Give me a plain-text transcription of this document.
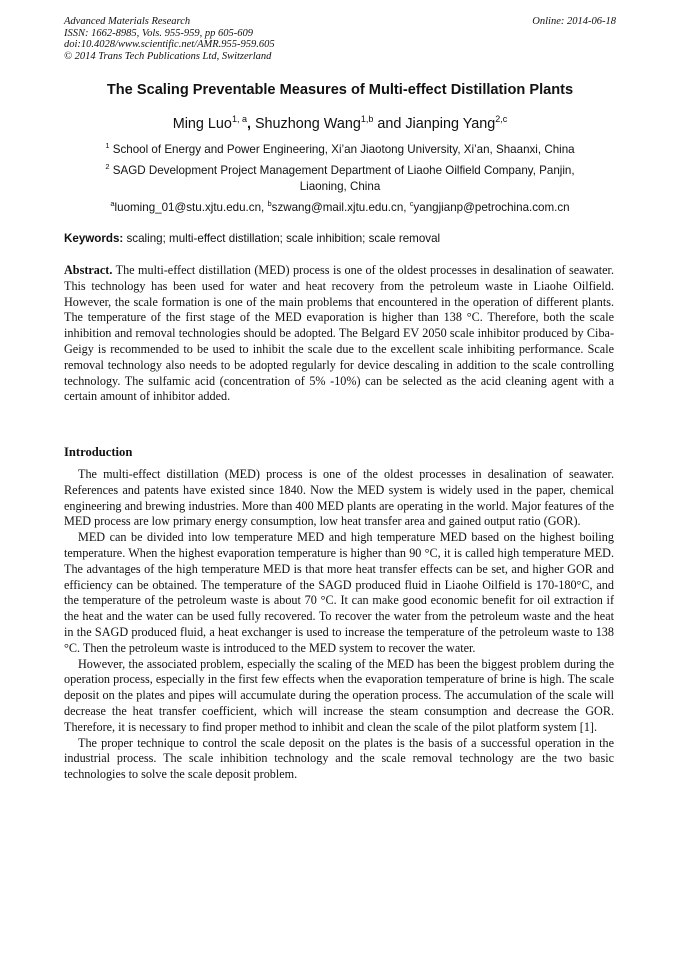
Advanced Materials Research
ISSN: 1662-8985, Vols. 955-959, pp 605-609
doi:10.4028/www.scientific.net/AMR.955-959.605
© 2014 Trans Tech Publications Ltd, Switzerland
Online: 2014-06-18
The Scaling Preventable Measures of Multi-effect Distillation Plants
Ming Luo$^{1, a}$, Shuzhong Wang$^{1,b}$ and Jianping Yang$^{2,c}$
$^1$ School of Energy and Power Engineering, Xi’an Jiaotong University, Xi’an, Shaanxi, China
$^2$ SAGD Development Project Management Department of Liaohe Oilfield Company, Panjin, Liaoning, China
$^a$luoming_01@stu.xjtu.edu.cn, $^b$szwang@mail.xjtu.edu.cn, $^c$yangjianp@petrochina.com.cn
Keywords: scaling; multi-effect distillation; scale inhibition; scale removal

Abstract. The multi-effect distillation (MED) process is one of the oldest processes in desalination of seawater. This technology has been used for water and heat recovery from the petroleum waste in Liaohe Oilfield. However, the scale formation is one of the main problems that encountered in the operation of different plants. The temperature of the first stage of the MED evaporation is higher than 138 °C. Therefore, both the scale inhibition and removal technologies should be adopted. The Belgard EV 2050 scale inhibitor produced by Ciba-Geigy is recommended to be used to inhibit the scale due to the excellent scale inhibiting performance. Scale removal technology also needs to be adopted regularly for device descaling in addition to the scale controlling technology. The sulfamic acid (concentration of 5% -10%) can be selected as the acid cleaning agent with a certain amount of inhibitor added.

Introduction

The multi-effect distillation (MED) process is one of the oldest processes in desalination of seawater. References and patents have existed since 1840. Now the MED system is widely used in the paper, chemical engineering and brewing industries. More than 400 MED plants are operating in the world. Major features of the MED process are low primary energy consumption, low heat transfer area and gained output ratio (GOR).

MED can be divided into low temperature MED and high temperature MED based on the highest boiling temperature. When the highest evaporation temperature is higher than 90 °C, it is called high temperature MED. The advantages of the high temperature MED is that more heat transfer effects can be set, and higher GOR and efficiency can be obtained. The temperature of the SAGD produced fluid in Liaohe Oilfield is 170-180°C, and the temperature of the petroleum waste is about 70 °C. It can make good economic benefit for oil extraction if the heat and the water can be used fully recovered. To recover the water from the petroleum waste and the heat in the SAGD produced fluid, a heat exchanger is used to increase the temperature of the petroleum waste to 138 °C. Then the petroleum waste is introduced to the MED system to recover the water.

However, the associated problem, especially the scaling of the MED has been the biggest problem during the operation process, especially in the first few effects when the evaporation temperature of brine is high. The scale deposit on the plates and pipes will accumulate during the operation process. The accumulation of the scale will decrease the heat transfer coefficient, which will increase the steam consumption and decrease the GOR. Therefore, it is necessary to find proper method to inhibit and clean the scale of the pilot platform system [1].

The proper technique to control the scale deposit on the plates is the basis of a successful operation in the industrial process. The scale inhibition technology and the scale removal technology are the two basic technologies to solve the scale deposit problem.
